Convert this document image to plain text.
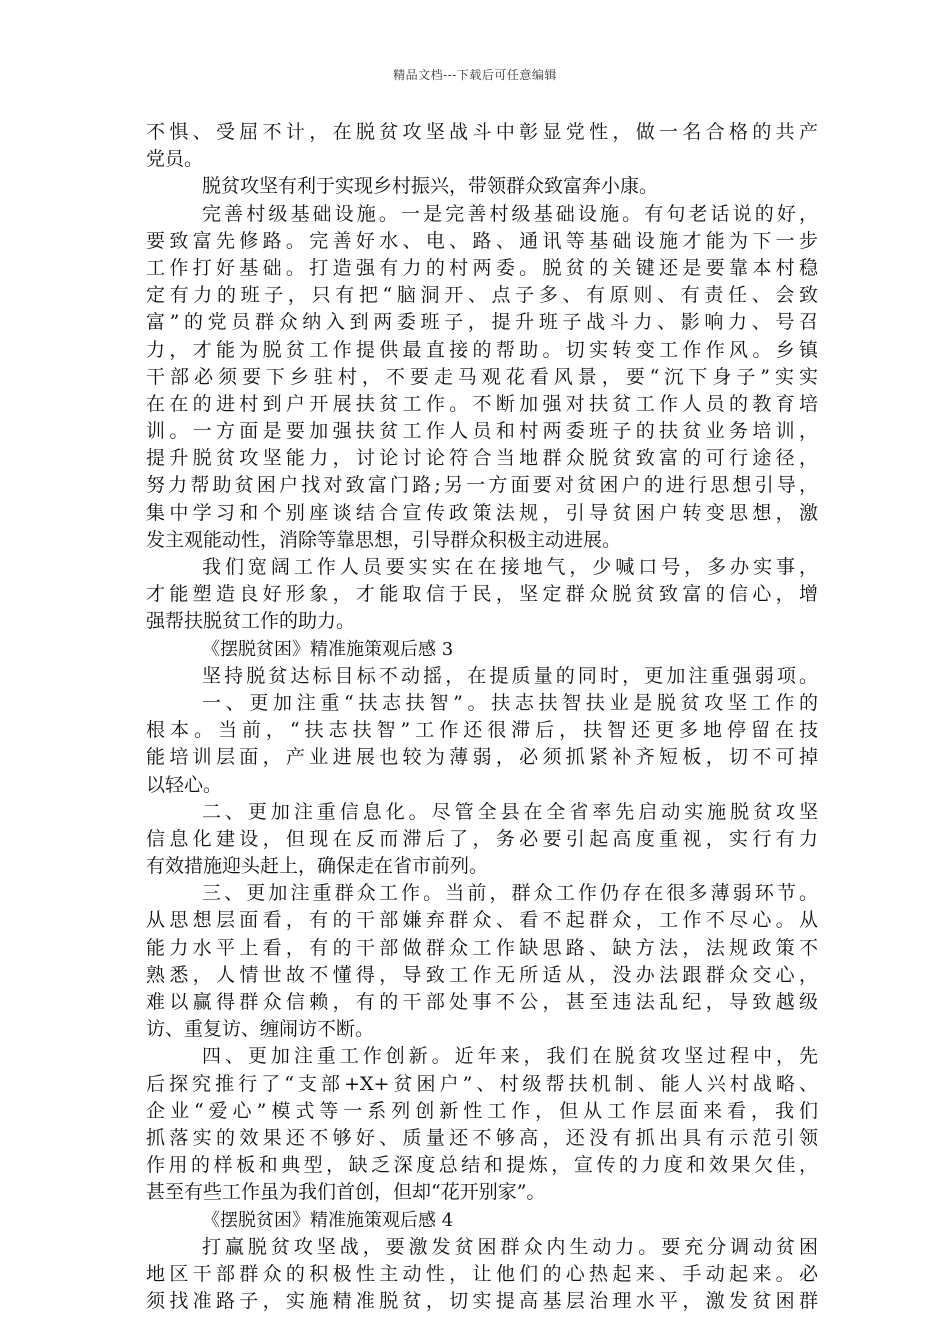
精品文档---下载后可任意编辑
不惧、受屈不计，在脱贫攻坚战斗中彰显党性，做一名合格的共产
党员。
脱贫攻坚有利于实现乡村振兴，带领群众致富奔小康。
完善村级基础设施。一是完善村级基础设施。有句老话说的好，
要致富先修路。完善好水、电、路、通讯等基础设施才能为下一步
工作打好基础。打造强有力的村两委。脱贫的关键还是要靠本村稳
定有力的班子，只有把“脑洞开、点子多、有原则、有责任、会致
富”的党员群众纳入到两委班子，提升班子战斗力、影响力、号召
力，才能为脱贫工作提供最直接的帮助。切实转变工作作风。乡镇
干部必须要下乡驻村，不要走马观花看风景，要“沉下身子”实实
在在的进村到户开展扶贫工作。不断加强对扶贫工作人员的教育培
训。一方面是要加强扶贫工作人员和村两委班子的扶贫业务培训，
提升脱贫攻坚能力，讨论讨论符合当地群众脱贫致富的可行途径，
努力帮助贫困户找对致富门路;另一方面要对贫困户的进行思想引导，
集中学习和个别座谈结合宣传政策法规，引导贫困户转变思想，激
发主观能动性，消除等靠思想，引导群众积极主动进展。
我们宽阔工作人员要实实在在接地气，少喊口号，多办实事，
才能塑造良好形象，才能取信于民，坚定群众脱贫致富的信心，增
强帮扶脱贫工作的助力。
《摆脱贫困》精准施策观后感 3
坚持脱贫达标目标不动摇，在提质量的同时，更加注重强弱项。
一、更加注重“扶志扶智”。扶志扶智扶业是脱贫攻坚工作的
根本。当前，“扶志扶智”工作还很滞后，扶智还更多地停留在技
能培训层面，产业进展也较为薄弱，必须抓紧补齐短板，切不可掉
以轻心。
二、更加注重信息化。尽管全县在全省率先启动实施脱贫攻坚
信息化建设，但现在反而滞后了，务必要引起高度重视，实行有力
有效措施迎头赶上，确保走在省市前列。
三、更加注重群众工作。当前，群众工作仍存在很多薄弱环节。
从思想层面看，有的干部嫌弃群众、看不起群众，工作不尽心。从
能力水平上看，有的干部做群众工作缺思路、缺方法，法规政策不
熟悉，人情世故不懂得，导致工作无所适从，没办法跟群众交心，
难以赢得群众信赖，有的干部处事不公，甚至违法乱纪，导致越级
访、重复访、缠闹访不断。
四、更加注重工作创新。近年来，我们在脱贫攻坚过程中，先
后探究推行了“支部+X+贫困户”、村级帮扶机制、能人兴村战略、
企业“爱心”模式等一系列创新性工作，但从工作层面来看，我们
抓落实的效果还不够好、质量还不够高，还没有抓出具有示范引领
作用的样板和典型，缺乏深度总结和提炼，宣传的力度和效果欠佳，
甚至有些工作虽为我们首创，但却“花开别家”。
《摆脱贫困》精准施策观后感 4
打赢脱贫攻坚战，要激发贫困群众内生动力。要充分调动贫困
地区干部群众的积极性主动性，让他们的心热起来、手动起来。必
须找准路子，实施精准脱贫，切实提高基层治理水平，激发贫困群
